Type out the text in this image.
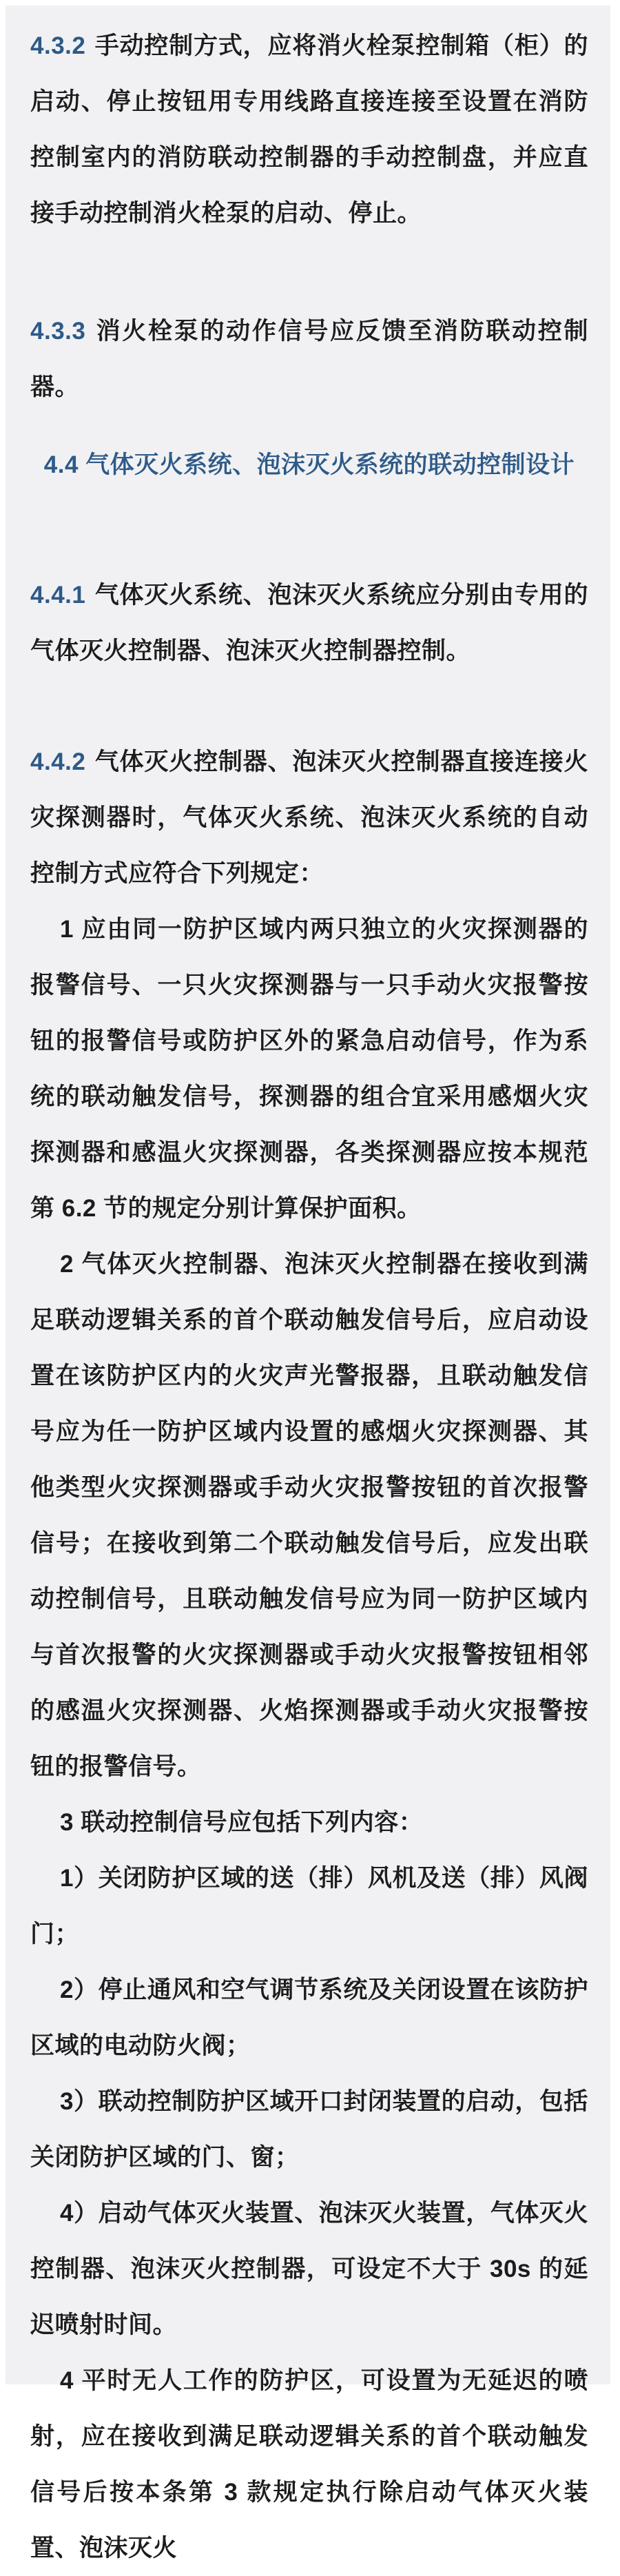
4.3.2 手动控制方式，应将消火栓泵控制箱（柜）的启动、停止按钮用专用线路直接连接至设置在消防控制室内的消防联动控制器的手动控制盘，并应直接手动控制消火栓泵的启动、停止。

4.3.3 消火栓泵的动作信号应反馈至消防联动控制器。

4.4 气体灭火系统、泡沫灭火系统的联动控制设计

4.4.1 气体灭火系统、泡沫灭火系统应分别由专用的气体灭火控制器、泡沫灭火控制器控制。

4.4.2 气体灭火控制器、泡沫灭火控制器直接连接火灾探测器时，气体灭火系统、泡沫灭火系统的自动控制方式应符合下列规定：

1 应由同一防护区域内两只独立的火灾探测器的报警信号、一只火灾探测器与一只手动火灾报警按钮的报警信号或防护区外的紧急启动信号，作为系统的联动触发信号，探测器的组合宜采用感烟火灾探测器和感温火灾探测器，各类探测器应按本规范第 6.2 节的规定分别计算保护面积。

2 气体灭火控制器、泡沫灭火控制器在接收到满足联动逻辑关系的首个联动触发信号后，应启动设置在该防护区内的火灾声光警报器，且联动触发信号应为任一防护区域内设置的感烟火灾探测器、其他类型火灾探测器或手动火灾报警按钮的首次报警信号；在接收到第二个联动触发信号后，应发出联动控制信号，且联动触发信号应为同一防护区域内与首次报警的火灾探测器或手动火灾报警按钮相邻的感温火灾探测器、火焰探测器或手动火灾报警按钮的报警信号。

3 联动控制信号应包括下列内容：

1）关闭防护区域的送（排）风机及送（排）风阀门；

2）停止通风和空气调节系统及关闭设置在该防护区域的电动防火阀；

3）联动控制防护区域开口封闭装置的启动，包括关闭防护区域的门、窗；

4）启动气体灭火装置、泡沫灭火装置，气体灭火控制器、泡沫灭火控制器，可设定不大于 30s 的延迟喷射时间。

4 平时无人工作的防护区，可设置为无延迟的喷射，应在接收到满足联动逻辑关系的首个联动触发信号后按本条第 3 款规定执行除启动气体灭火装置、泡沫灭火
